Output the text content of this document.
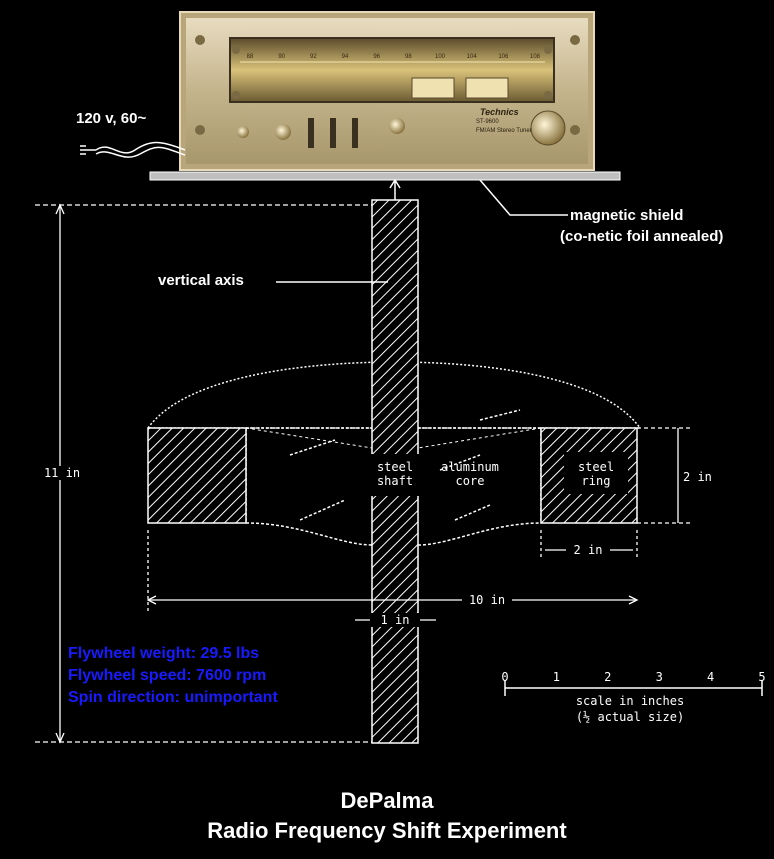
Technics
ST-9600
FM/AM Stereo Tuner
88	90	92	94	96	98	100	104	106	108
120 v, 60~
magnetic shield
(co-netic foil annealed)
vertical axis
steel
shaft
aluminum
core
steel
ring
11 in	2 in
2 in
10 in
1 in
0	1	2	3	4	5
scale in inches
(½ actual size)
Flywheel weight: 29.5 lbs
Flywheel speed: 7600 rpm
Spin direction: unimportant
DePalma
Radio Frequency Shift Experiment
